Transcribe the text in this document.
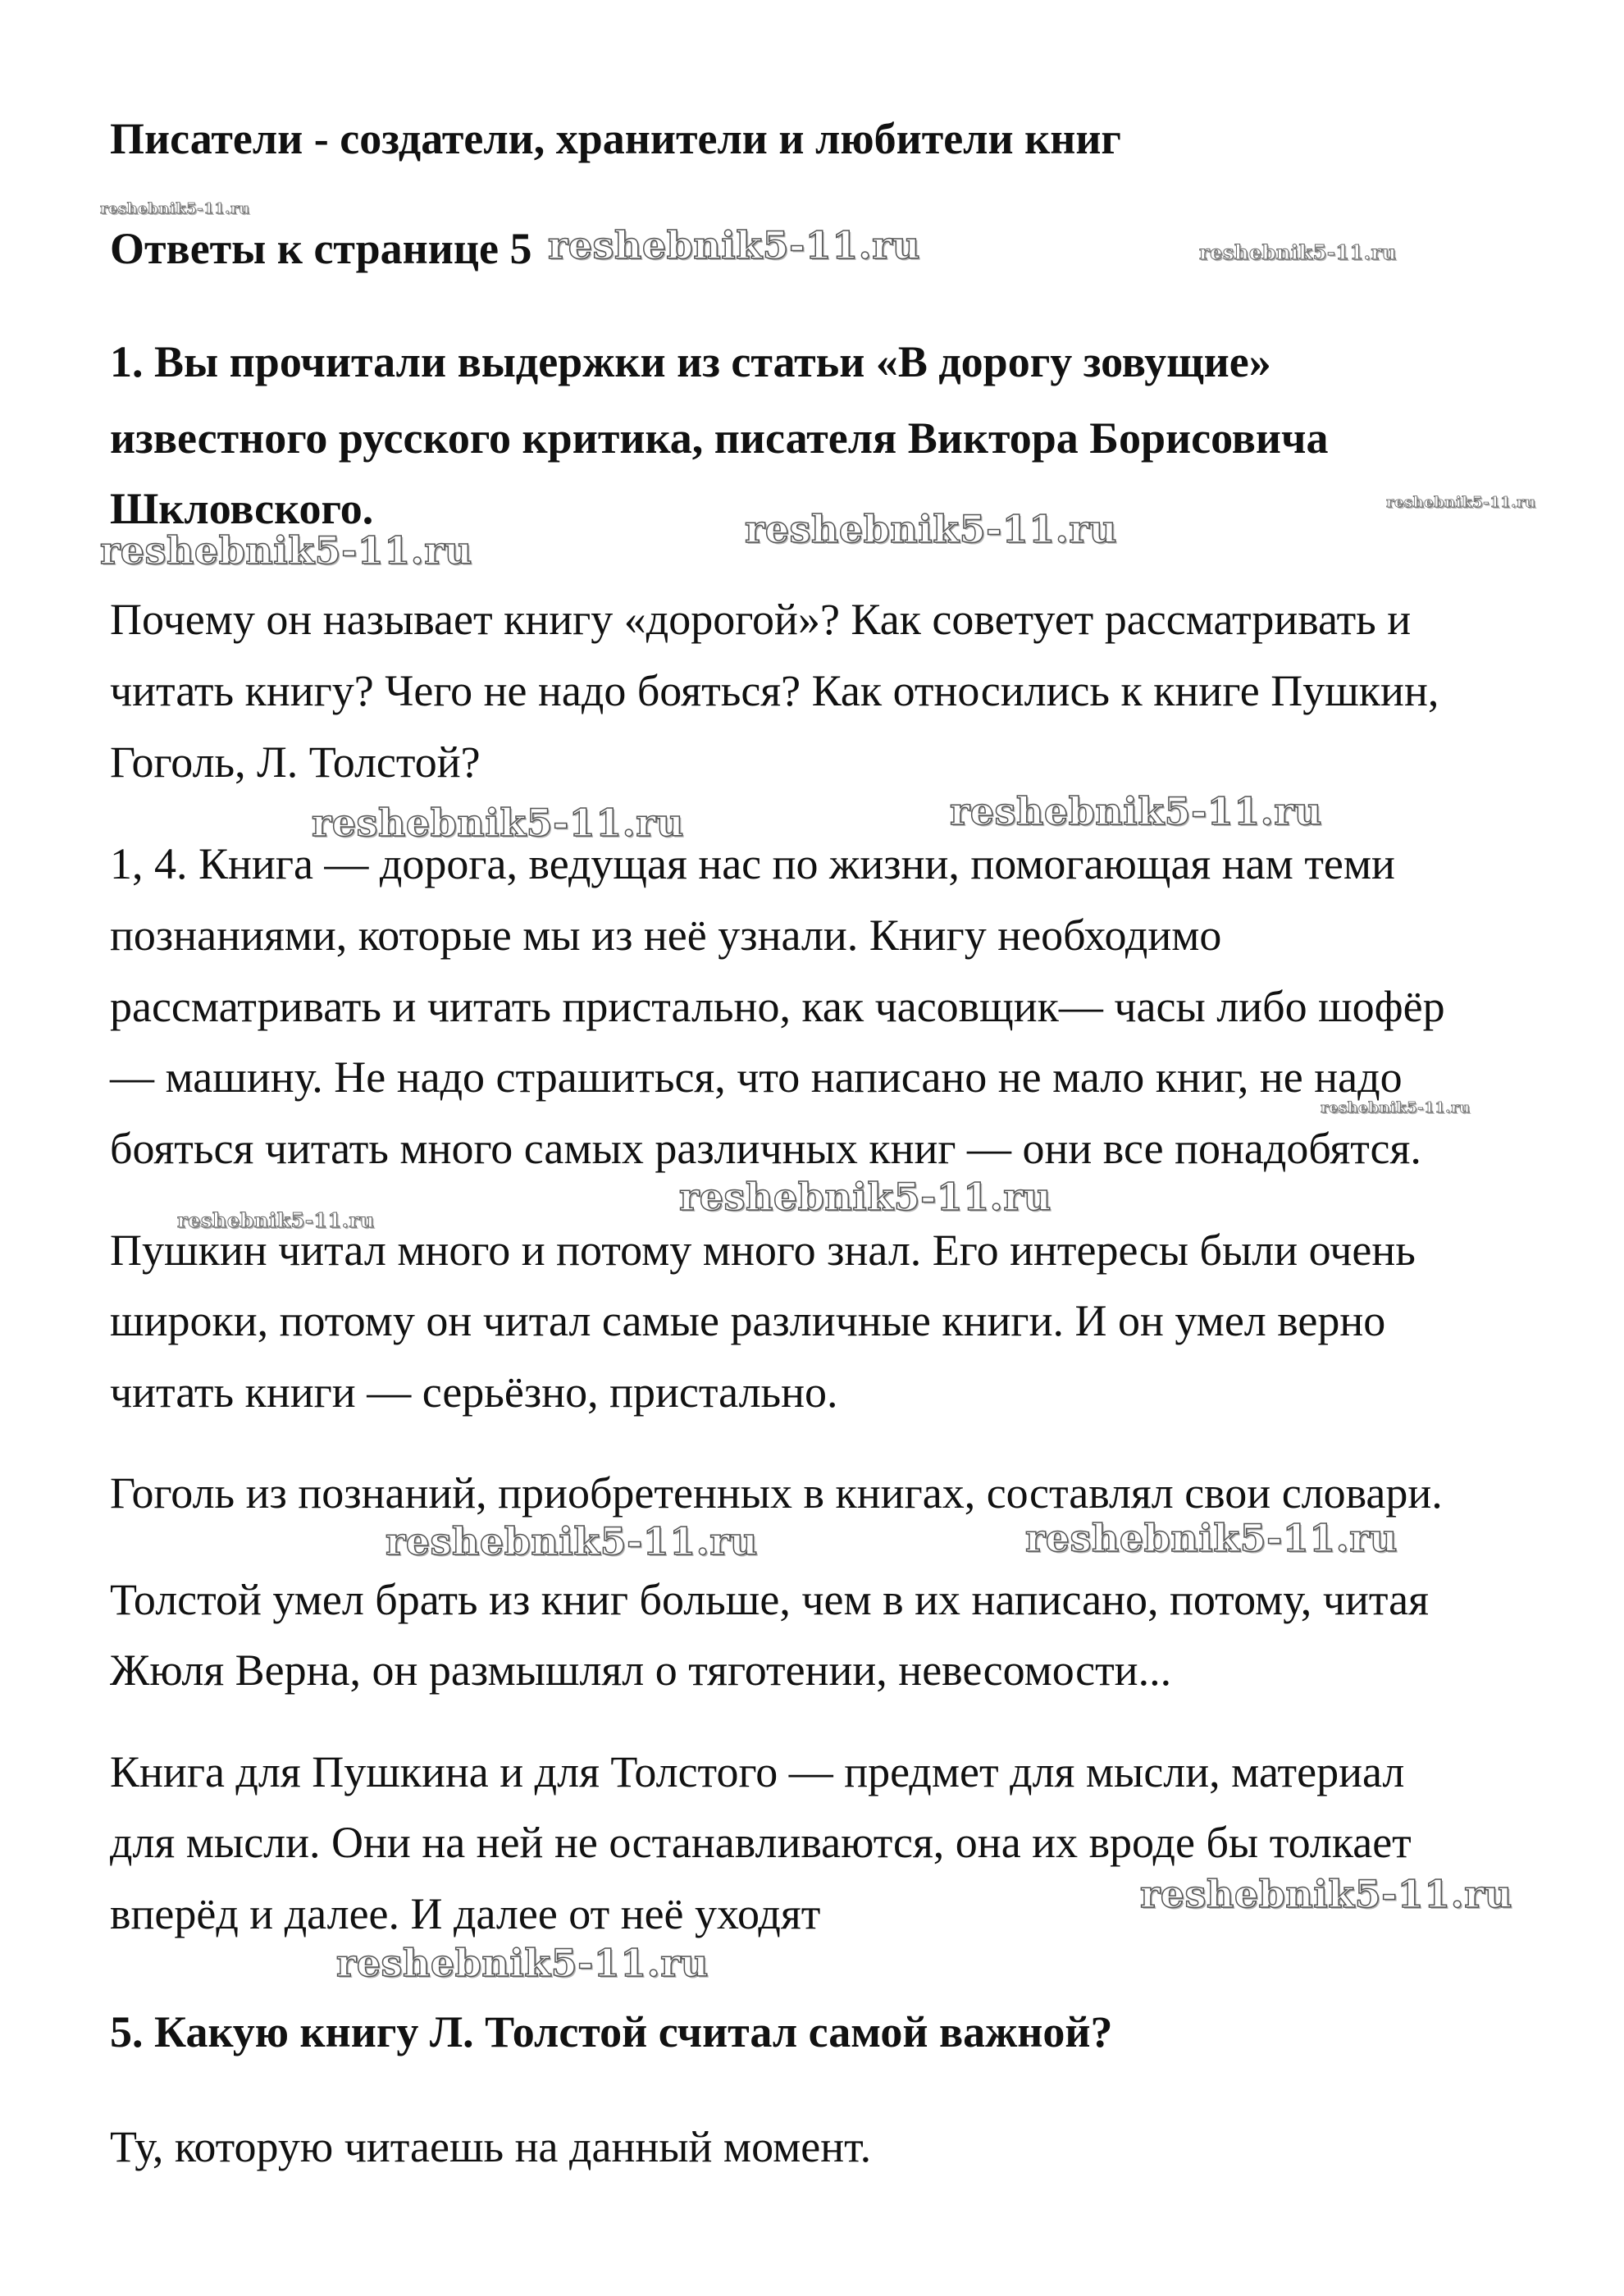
Писатели - создатели, хранители и любители книг
Ответы к странице 5
1. Вы прочитали выдержки из статьи «В дорогу зовущие»
известного русского критика, писателя Виктора Борисовича
Шкловского.
Почему он называет книгу «дорогой»? Как советует рассматривать и
читать книгу? Чего не надо бояться? Как относились к книге Пушкин,
Гоголь, Л. Толстой?
1, 4. Книга — дорога, ведущая нас по жизни, помогающая нам теми
познаниями, которые мы из неё узнали. Книгу необходимо
рассматривать и читать пристально, как часовщик— часы либо шофёр
— машину. Не надо страшиться, что написано не мало книг, не надо
бояться читать много самых различных книг — они все понадобятся.
Пушкин читал много и потому много знал. Его интересы были очень
широки, потому он читал самые различные книги. И он умел верно
читать книги — серьёзно, пристально.
Гоголь из познаний, приобретенных в книгах, составлял свои словари.
Толстой умел брать из книг больше, чем в их написано, потому, читая
Жюля Верна, он размышлял о тяготении, невесомости...
Книга для Пушкина и для Толстого — предмет для мысли, материал
для мысли. Они на ней не останавливаются, она их вроде бы толкает
вперёд и далее. И далее от неё уходят
5. Какую книгу Л. Толстой считал самой важной?
Ту, которую читаешь на данный момент.
reshebnik5-11.ru
reshebnik5-11.ru	reshebnik5-11.ru
reshebnik5-11.ru
reshebnik5-11.ru	reshebnik5-11.ru
reshebnik5-11.ru	reshebnik5-11.ru
reshebnik5-11.ru
reshebnik5-11.ru
reshebnik5-11.ru
reshebnik5-11.ru	reshebnik5-11.ru
reshebnik5-11.ru
reshebnik5-11.ru
